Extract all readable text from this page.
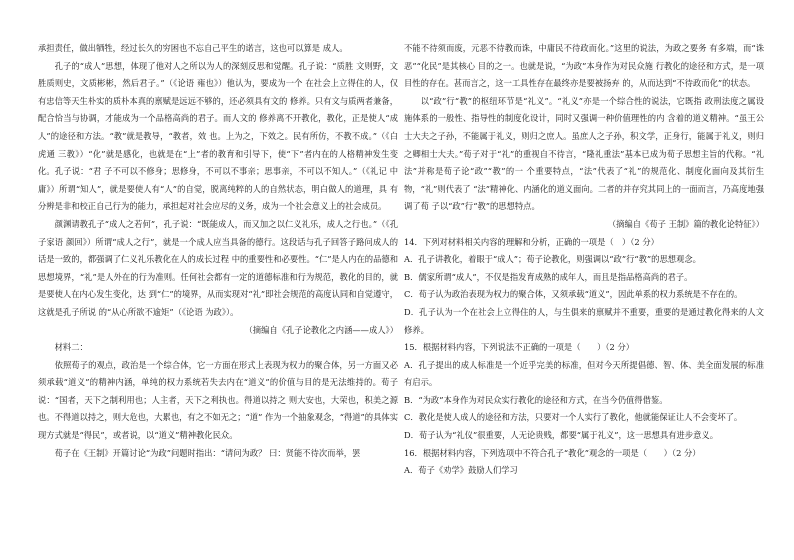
承担责任，做出牺牲，经过长久的穷困也不忘自己平生的诺言，这也可以算是 成人。

孔子的“成人”思想，体现了他对人之所以为人的深刻反思和觉醒。孔子说：“质胜 文则野，文胜质则史，文质彬彬，然后君子。”（《论语 雍也》）他认为，要成为一个 在社会上立得住的人，仅有忠信等天生朴实的质朴本真的禀赋是远远不够的，还必须具有文的 修养。只有文与质两者兼备，配合恰当与协调，才能成为一个品格高尚的君子。而人文的 修养离不开教化，教化，正是使人“成人”的途径和方法。“教”就是教导，“教者，效 也。上为之，下效之。民有所仿，不教不成。”（《白虎通 三教》）“化”就是感化，也就是在“上”者的教育和引导下，使“下”者内在的人格精神发生变化。孔子说：“君 子不可以不修身；思修身，不可以不事亲；思事亲，不可以不知人。”（《礼记 中庸》）所谓“知人”，就是要使人有“人”的自觉，脱离纯粹的人的自然状态，明白做人的道理，具 有分辨是非和校正自己行为的能力，承担起对社会应尽的义务，成为一个社会意义上的社会成员。

颜渊请教孔子“成人之若何”，孔子说：“既能成人，而又加之以仁义礼乐，成人之行也。”（《孔子家语 颜回》）所谓“成人之行”，就是一个成人应当具备的德行。这段话与孔子回答子路问成人的话是一致的，都强调了仁义礼乐教化在人的成长过程 中的重要性和必要性。“仁”是人内在的品德和思想境界，“礼”是人外在的行为准则。任何社会都有一定的道德标准和行为规范，教化的目的，就是要使人在内心发生变化，达 到“仁”的境界，从而实现对“礼”即社会规范的高度认同和自觉遵守，这就是孔子所说 的“从心所欲不逾矩”（《论语 为政》）。

（摘编自《孔子论教化之内涵——成人》）

材料二：

依照荀子的观点，政治是一个综合体，它一方面在形式上表现为权力的聚合体，另一方面又必须承载“道义”的精神内涵，单纯的权力系统若失去内在“道义”的价值与目的是无法维持的。荀子说：“国者，天下之制利用也；人主者，天下之利执也。得道以持之 则大安也，大荣也，积美之源也。不得道以持之，则大危也，大累也，有之不如无之；“道” 作为一个抽象观念，“得道”的具体实现方式就是“得民”，或者说，以“道义”精神教化民众。

荀子在《王制》开篇讨论“为政”问题时指出：“请问为政？ 曰：贤能不待次而举，罢

不能不待须而废，元恶不待教而诛，中庸民不待政而化。”这里的说法，为政之要务 有多端，而“诛恶”“化民”是其核心 目的之一。也就是说，“为政”本身作为对民众施 行教化的途径和方式，是一项目性的存在。甚而言之，这一工具性存在最终亦是要被扬弃 的，从而达到“不待政而化”的状态。

以“政”行“教”的枢纽环节是“礼义”。“礼义”亦是一个综合性的说法，它既指 政刑法度之属设施体系的一般性、指导性的制度化设计，同时又强调一种价值理性的内 含着的道义精神。“虽王公士大夫之子孙，不能属于礼义，则归之庶人。虽庶人之子孙，积文学，正身行，能属于礼义，则归之卿相士大夫。”荀子对于“礼”的重视自不待言，“隆礼重法”基本已成为荀子思想主旨的代称。“礼法”并称是荀子论“政”“教”的一 个重要特点，“法”代表了“礼”的规范化、制度化面向及其衍生物，“礼”则代表了 “法”精神化、内涵化的道义面向。二者的并存究其同上的一面而言，乃高度地强调了荀 子以“政”行“教”的思想特点。

（摘编自《荀子 王制》篇的教化论特征》）

14．下列对材料相关内容的理解和分析，正确的一项是（　）（2 分）

A．孔子讲教化，着眼于“成人”；荀子论教化，则强调以“政”行“教”的思想观念。

B．儒家所谓“成人”，不仅是指发育成熟的成年人，而且是指品格高尚的君子。

C．荀子认为政治表现为权力的聚合体，又须承载“道义”，因此单系的权力系统是不存在的。

D．孔子认为一个在社会上立得住的人，与生俱来的禀赋并不重要，重要的是通过教化得来的人文修养。

15．根据材料内容，下列说法不正确的一项是（　　）（2 分）

A．孔子提出的成人标准是一个近乎完美的标准，但对今天所提倡德、智、体、美全面发展的标准有启示。

B．“为政”本身作为对民众实行教化的途径和方式，在当今仍值得借鉴。

C．教化是使人成人的途径和方法，只要对一个人实行了教化，他就能保证让人不会变坏了。

D．荀子认为“礼仪”很重要，人无论贵贱，都要“属于礼义”，这一思想具有进步意义。

16．根据材料内容，下列选项中不符合孔子“教化”观念的一项是（　　）（2 分）

A．荀子《劝学》鼓励人们学习
